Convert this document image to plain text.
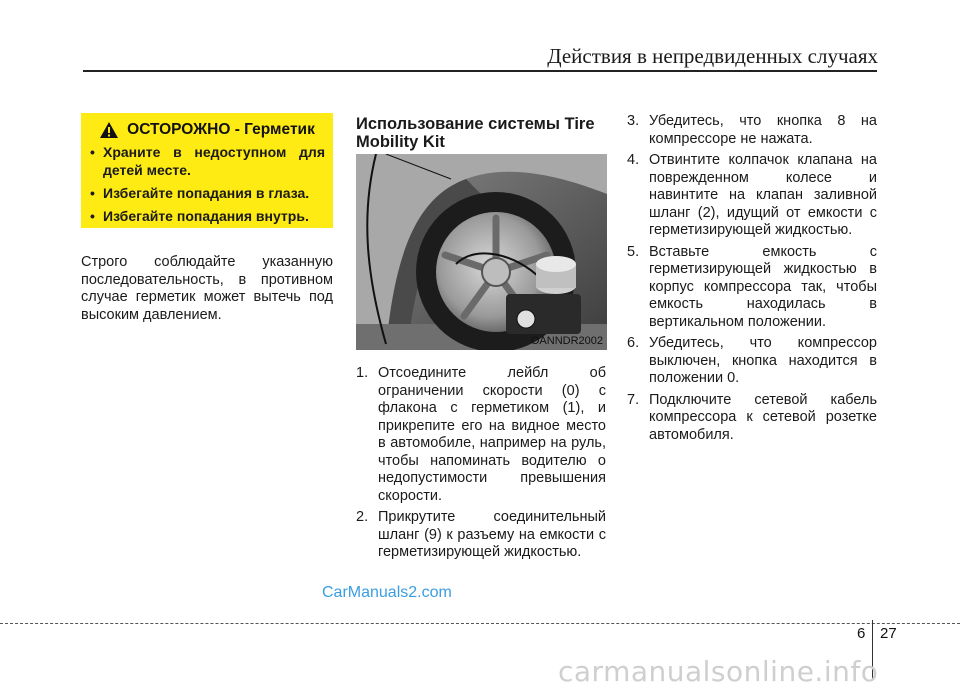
Действия в непредвиденных случаях
ОСТОРОЖНО - Герметик
• Храните в недоступном для детей месте.
• Избегайте попадания в глаза.
• Избегайте попадания внутрь.

Строго соблюдайте указанную последовательность, в противном случае герметик может вытечь под высоким давлением.

Использование системы Tire Mobility Kit
OANNDR2002
1. Отсоедините лейбл об ограничении скорости (0) с флакона с герметиком (1), и прикрепите его на видное место в автомобиле, например на руль, чтобы напоминать водителю о недопустимости превышения скорости.
2. Прикрутите соединительный шланг (9) к разъему на емкости с герметизирующей жидкостью.
3. Убедитесь, что кнопка 8 на компрессоре не нажата.
4. Отвинтите колпачок клапана на поврежденном колесе и навинтите на клапан заливной шланг (2), идущий от емкости с герметизирующей жидкостью.
5. Вставьте емкость с герметизирующей жидкостью в корпус компрессора так, чтобы емкость находилась в вертикальном положении.
6. Убедитесь, что компрессор выключен, кнопка находится в положении 0.
7. Подключите сетевой кабель компрессора к сетевой розетке автомобиля.
CarManuals2.com
6 27
carmanualsonline.info
